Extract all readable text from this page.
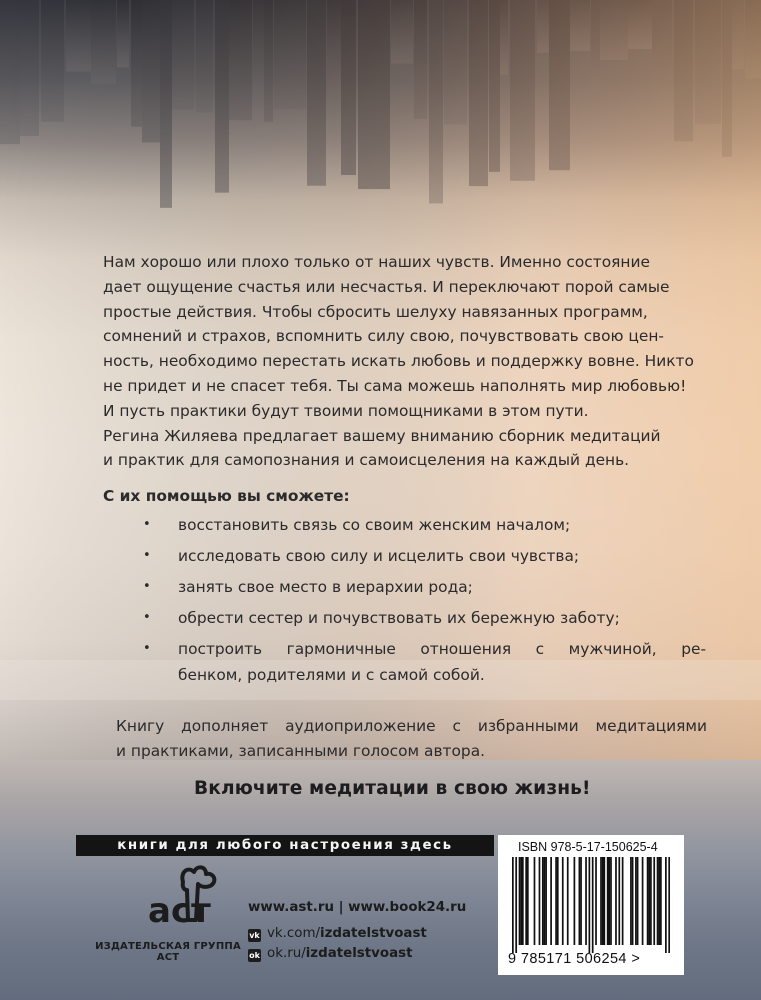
Нам хорошо или плохо только от наших чувств. Именно состояние
дает ощущение счастья или несчастья. И переключают порой самые
простые действия. Чтобы сбросить шелуху навязанных программ,
сомнений и страхов, вспомнить силу свою, почувствовать свою цен-
ность, необходимо перестать искать любовь и поддержку вовне. Никто
не придет и не спасет тебя. Ты сама можешь наполнять мир любовью!
И пусть практики будут твоими помощниками в этом пути.
Регина Жиляева предлагает вашему вниманию сборник медитаций
и практик для самопознания и самоисцеления на каждый день.
С их помощью вы сможете:
• восстановить связь со своим женским началом;
• исследовать свою силу и исцелить свои чувства;
• занять свое место в иерархии рода;
• обрести сестер и почувствовать их бережную заботу;
• построить гармоничные отношения с мужчиной, ре-
бенком, родителями и с самой собой.
Книгу дополняет аудиоприложение с избранными медитациями
и практиками, записанными голосом автора.
Включите медитации в свою жизнь!
книги для любого настроения здесь
аст
ИЗДАТЕЛЬСКАЯ ГРУППА АСТ
www.ast.ru | www.book24.ru
vk vk.com/izdatelstvoast
ok ok.ru/izdatelstvoast
ISBN 978-5-17-150625-4
9 785171 506254 >
